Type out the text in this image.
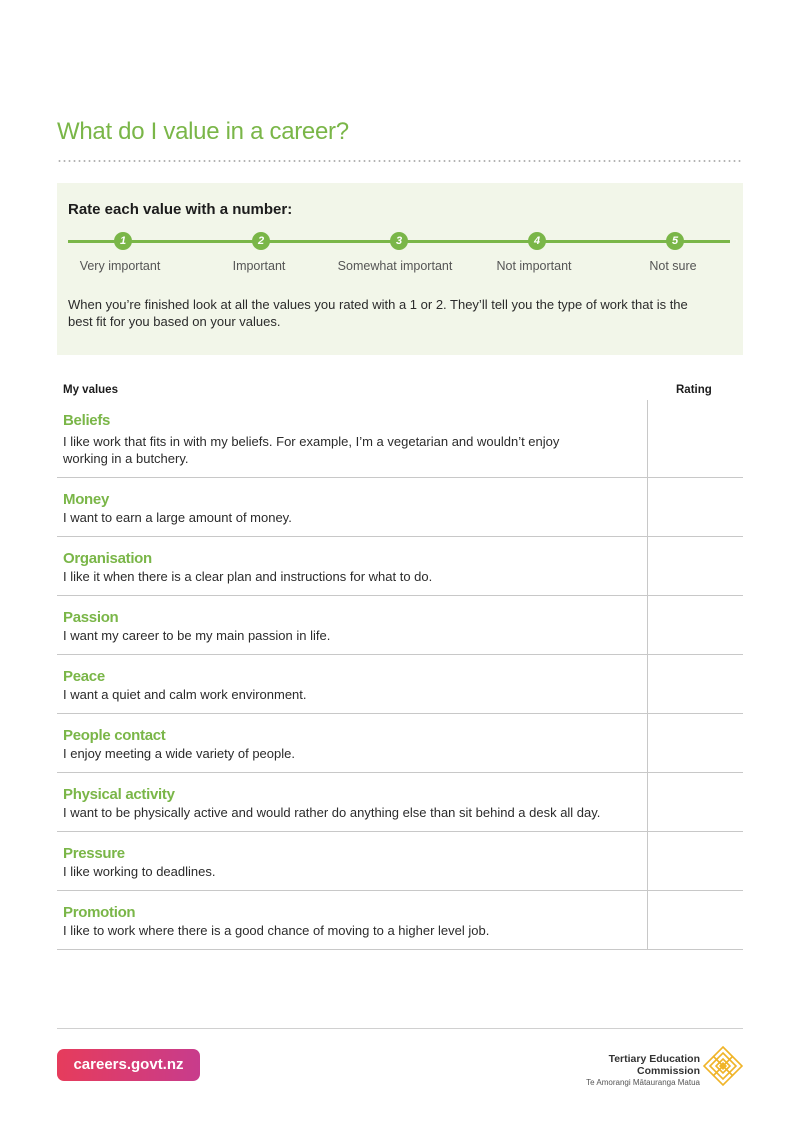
What do I value in a career?
Rate each value with a number:
1	2	3	4	5
Very important	Important	Somewhat important	Not important	Not sure
When you’re finished look at all the values you rated with a 1 or 2. They’ll tell you the type of work that is the best fit for you based on your values.
My values	Rating
Beliefs
I like work that fits in with my beliefs. For example, I’m a vegetarian and wouldn’t enjoy working in a butchery.
Money
I want to earn a large amount of money.
Organisation
I like it when there is a clear plan and instructions for what to do.
Passion
I want my career to be my main passion in life.
Peace
I want a quiet and calm work environment.
People contact
I enjoy meeting a wide variety of people.
Physical activity
I want to be physically active and would rather do anything else than sit behind a desk all day.
Pressure
I like working to deadlines.
Promotion
I like to work where there is a good chance of moving to a higher level job.
careers.govt.nz	Tertiary Education
Commission
Te Amorangi Mātauranga Matua
